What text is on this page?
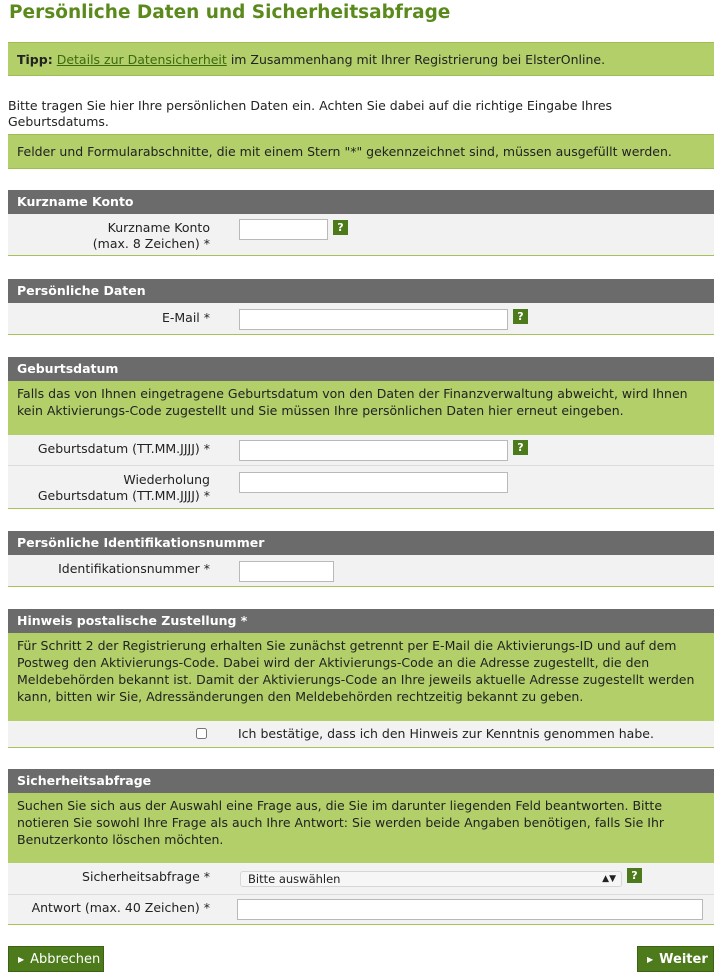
Persönliche Daten und Sicherheitsabfrage
Tipp: Details zur Datensicherheit im Zusammenhang mit Ihrer Registrierung bei ElsterOnline.
Bitte tragen Sie hier Ihre persönlichen Daten ein. Achten Sie dabei auf die richtige Eingabe Ihres Geburtsdatums.
Felder und Formularabschnitte, die mit einem Stern "*" gekennzeichnet sind, müssen ausgefüllt werden.
Kurzname Konto
Kurzname Konto
(max. 8 Zeichen) *
?
Persönliche Daten
E-Mail *	?
Geburtsdatum
Falls das von Ihnen eingetragene Geburtsdatum von den Daten der Finanzverwaltung abweicht, wird Ihnen kein Aktivierungs-Code zugestellt und Sie müssen Ihre persönlichen Daten hier erneut eingeben.
Geburtsdatum (TT.MM.JJJJ) *	?
Wiederholung
Geburtsdatum (TT.MM.JJJJ) *
Persönliche Identifikationsnummer
Identifikationsnummer *
Hinweis postalische Zustellung *
Für Schritt 2 der Registrierung erhalten Sie zunächst getrennt per E-Mail die Aktivierungs-ID und auf dem Postweg den Aktivierungs-Code. Dabei wird der Aktivierungs-Code an die Adresse zugestellt, die den Meldebehörden bekannt ist. Damit der Aktivierungs-Code an Ihre jeweils aktuelle Adresse zugestellt werden kann, bitten wir Sie, Adressänderungen den Meldebehörden rechtzeitig bekannt zu geben.
Ich bestätige, dass ich den Hinweis zur Kenntnis genommen habe.
Sicherheitsabfrage
Suchen Sie sich aus der Auswahl eine Frage aus, die Sie im darunter liegenden Feld beantworten. Bitte notieren Sie sowohl Ihre Frage als auch Ihre Antwort: Sie werden beide Angaben benötigen, falls Sie Ihr Benutzerkonto löschen möchten.
Sicherheitsabfrage *	Bitte auswählen	▲▼	?
Antwort (max. 40 Zeichen) *
▶ Abbrechen	▶ Weiter
